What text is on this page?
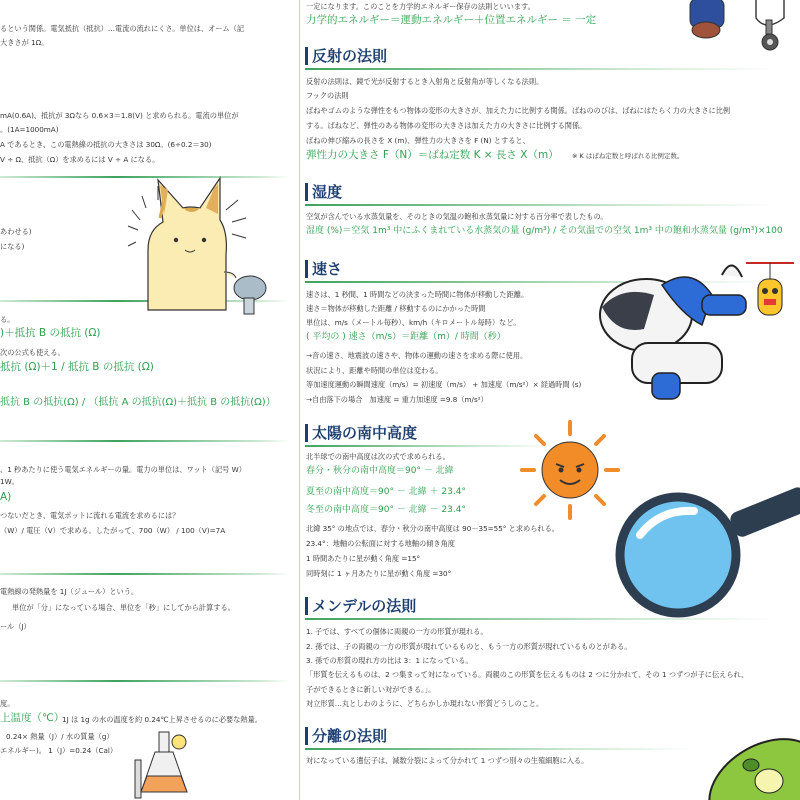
るという関係。電気抵抗（抵抗）…電流の流れにくさ。単位は、オーム（記
大きさが 1Ω。
mA(0.6A)、抵抗が 3Ωなら 0.6×3＝1.8(V) と求められる。電流の単位が
。(1A=1000mA)
A であるとき、この電熱線の抵抗の大きさは 30Ω。(6÷0.2＝30)
V ÷ Ω、抵抗（Ω）を求めるには V ÷ A になる。
あわせる)
になる)
る。
)＋抵抗 B の抵抗 (Ω)
次の公式も使える。
抵抗 (Ω)＋1 / 抵抗 B の抵抗 (Ω)
抵抗 B の抵抗(Ω) / （抵抗 A の抵抗(Ω)＋抵抗 B の抵抗(Ω)）
、1 秒あたりに使う電気エネルギーの量。電力の単位は、ワット（記号 W）
1W。
A)
つないだとき、電気ポットに流れる電流を求めるには？
（W）/ 電圧（V）で求める。したがって、700（W） / 100（V)=7A
電熱線の発熱量を 1J（ジュール）という。
単位が「分」になっている場合、単位を「秒」にしてから計算する。
ール（J）
度。
上温度（℃）
1J は 1g の水の温度を約 0.24℃上昇させるのに必要な熱量。
0.24× 熱量（J）/ 水の質量（g）
エネルギー)。 1（J）=0.24（Cal）
一定になります。このことを力学的エネルギー保存の法則といいます。
力学的エネルギー＝運動エネルギー＋位置エネルギー ＝ 一定
反射の法則
反射の法則は、鏡で光が反射するとき入射角と反射角が等しくなる法則。
フックの法則
ばねやゴムのような弾性をもつ物体の変形の大きさが、加えた力に比例する関係。ばねののびは、ばねにはたらく力の大きさに比例
する。ばねなど、弾性のある物体の変形の大きさは加えた力の大きさに比例する関係。
ばねの伸び縮みの長さを X (m)、弾性力の大きさを F (N) とすると、
弾性力の大きさ F（N）＝ばね定数 K × 長さ X（m） ※ K はばね定数と呼ばれる比例定数。
湿度
空気が含んでいる水蒸気量を、そのときの気温の飽和水蒸気量に対する百分率で表したもの。
湿度 (%)＝空気 1m³ 中にふくまれている水蒸気の量 (g/m³) / その気温での空気 1m³ 中の飽和水蒸気量 (g/m³)×100
速さ
速さは、1 秒間、1 時間などの決まった時間に物体が移動した距離。
速さ＝物体が移動した距離 / 移動するのにかかった時間
単位は、m/s（メートル毎秒）、km/h（キロメートル毎時）など。
( 平均の ) 速さ（m/s）＝距離（m）/ 時間（秒）
→音の速さ、地震波の速さや、物体の運動の速さを求める際に使用。
状況により、距離や時間の単位は変わる。
等加速度運動の瞬間速度（m/s）= 初速度（m/s） + 加速度（m/s²）× 経過時間 (s)
→自由落下の場合　加速度 = 重力加速度 =9.8（m/s²）
太陽の南中高度
北半球での南中高度は次の式で求められる。
春分・秋分の南中高度＝90° － 北緯
夏至の南中高度＝90° － 北緯 ＋ 23.4°
冬至の南中高度＝90° － 北緯 － 23.4°
北緯 35° の地点では、春分・秋分の南中高度は 90－35=55° と求められる。
23.4°：地軸の公転面に対する地軸の傾き角度
1 時間あたりに星が動く角度 =15°
同時刻に 1 ヶ月あたりに星が動く角度 =30°
メンデルの法則
1. 子では、すべての個体に両親の一方の形質が現れる。
2. 孫では、子の両親の一方の形質が現れているものと、もう一方の形質が現れているものとがある。
3. 孫での形質の現れ方の比は 3：1 になっている。
「形質を伝えるものは、2 つ集まって対になっている。両親のこの形質を伝えるものは 2 つに分かれて、その 1 つずつが子に伝えられ、
子ができるときに新しい対ができる。」。
対立形質…丸としわのように、どちらかしか現れない形質どうしのこと。
分離の法則
対になっている遺伝子は、減数分裂によって分かれて 1 つずつ別々の生殖細胞に入る。
